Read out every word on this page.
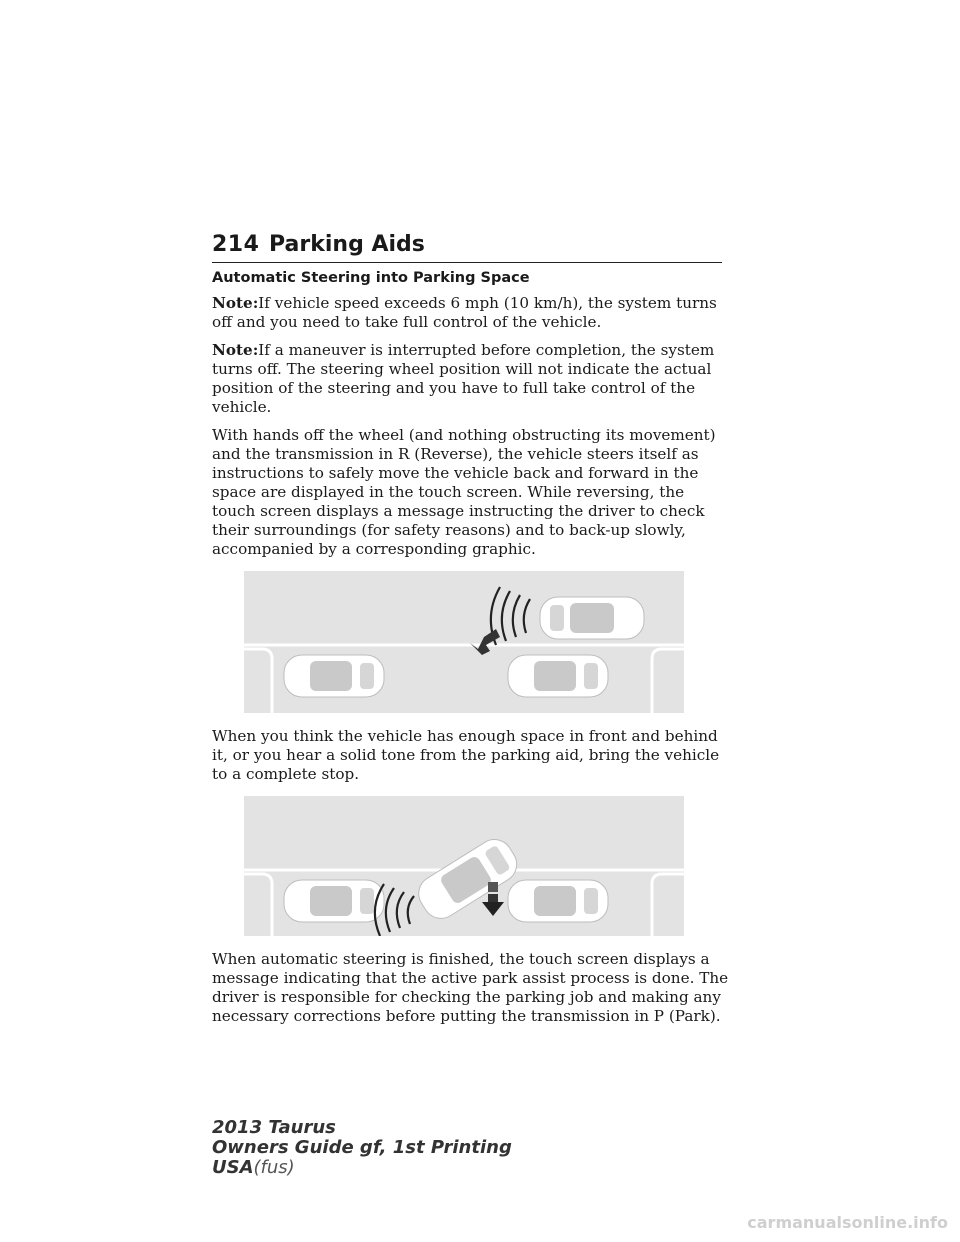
214 Parking Aids
Automatic Steering into Parking Space

Note:If vehicle speed exceeds 6 mph (10 km/h), the system turns off and you need to take full control of the vehicle.

Note:If a maneuver is interrupted before completion, the system turns off. The steering wheel position will not indicate the actual position of the steering and you have to full take control of the vehicle.

With hands off the wheel (and nothing obstructing its movement) and the transmission in R (Reverse), the vehicle steers itself as instructions to safely move the vehicle back and forward in the space are displayed in the touch screen. While reversing, the touch screen displays a message instructing the driver to check their surroundings (for safety reasons) and to back-up slowly, accompanied by a corresponding graphic.

When you think the vehicle has enough space in front and behind it, or you hear a solid tone from the parking aid, bring the vehicle to a complete stop.

When automatic steering is finished, the touch screen displays a message indicating that the active park assist process is done. The driver is responsible for checking the parking job and making any necessary corrections before putting the transmission in P (Park).

2013 Taurus
Owners Guide gf, 1st Printing
USA(fus)
carmanualsonline.info
